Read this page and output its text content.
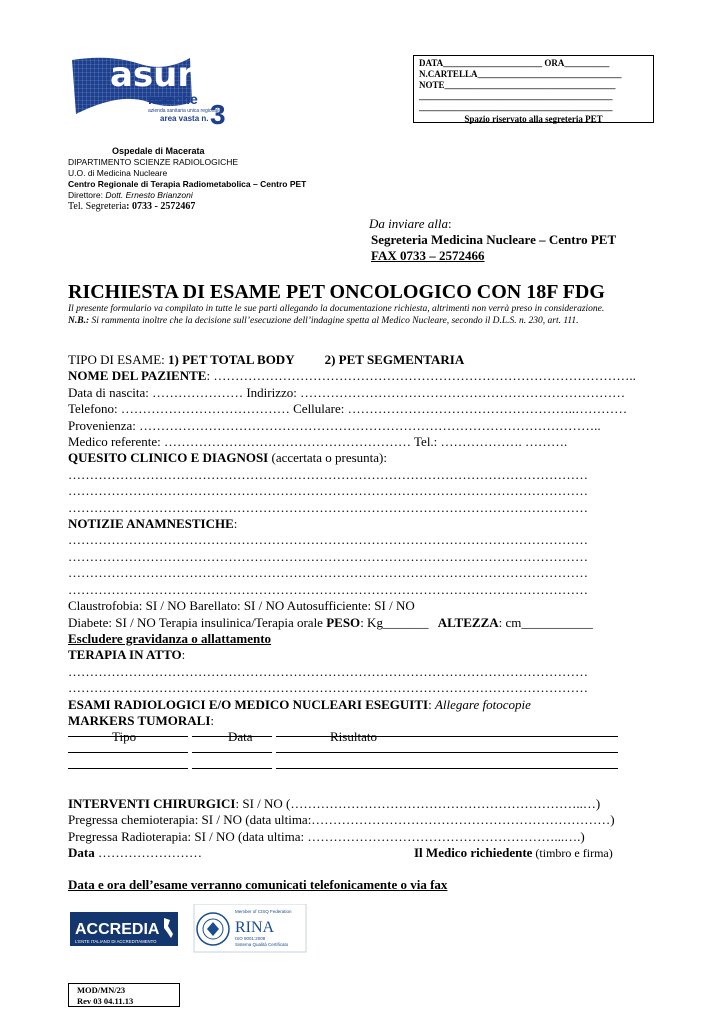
asur
marche
azienda sanitaria unica regionale
area vasta n. 3
DATA______________________ ORA__________
N.CARTELLA________________________________
NOTE______________________________________
___________________________________________
___________________________________________
Spazio riservato alla segreteria PET
Ospedale di Macerata
DIPARTIMENTO SCIENZE RADIOLOGICHE
U.O. di Medicina Nucleare
Centro Regionale di Terapia Radiometabolica – Centro PET
Direttore: Dott. Ernesto Brianzoni
Tel. Segreteria: 0733 - 2572467
Da inviare alla:
Segreteria Medicina Nucleare – Centro PET
FAX 0733 – 2572466
RICHIESTA DI ESAME PET ONCOLOGICO CON 18F FDG
Il presente formulario va compilato in tutte le sue parti allegando la documentazione richiesta, altrimenti non verrà preso in considerazione.
N.B.: Si rammenta inoltre che la decisione sull’esecuzione dell’indagine spetta al Medico Nucleare, secondo il D.L.S. n. 230, art. 111.
TIPO DI ESAME: 1) PET TOTAL BODY 2) PET SEGMENTARIA
NOME DEL PAZIENTE: ……………………………………………………………………………………..
Data di nascita: ………………… Indirizzo: …………………………………………………………………
Telefono: ………………………………… Cellulare: ……………………………………………..…………
Provenienza: ……………………………………………………………………………………………..
Medico referente: ………………………………………………… Tel.: ………………. ……….
QUESITO CLINICO E DIAGNOSI (accertata o presunta):
…………………………………………………………………………………………………………
…………………………………………………………………………………………………………
…………………………………………………………………………………………………………
NOTIZIE ANAMNESTICHE:
…………………………………………………………………………………………………………
…………………………………………………………………………………………………………
…………………………………………………………………………………………………………
…………………………………………………………………………………………………………
Claustrofobia: SI / NO Barellato: SI / NO Autosufficiente: SI / NO
Diabete: SI / NO Terapia insulinica/Terapia orale PESO: Kg_______ ALTEZZA: cm___________
Escludere gravidanza o allattamento
TERAPIA IN ATTO:
…………………………………………………………………………………………………………
…………………………………………………………………………………………………………
ESAMI RADIOLOGICI E/O MEDICO NUCLEARI ESEGUITI: Allegare fotocopie
MARKERS TUMORALI:
Tipo	Data	Risultato
INTERVENTI CHIRURGICI: SI / NO (…………………………………………………………..…)
Pregressa chemioterapia: SI / NO (data ultima:……………………………………………………………)
Pregressa Radioterapia: SI / NO (data ultima: …………………………………………………...….)
Data ……………………	Il Medico richiedente (timbro e firma)
Data e ora dell’esame verranno comunicati telefonicamente o via fax
ACCREDIA
L'ENTE ITALIANO DI ACCREDITAMENTO
Member of CISQ Federation
RINA
ISO 9001:2008
Sistema Qualità Certificato
MOD/MN/23
Rev 03 04.11.13
